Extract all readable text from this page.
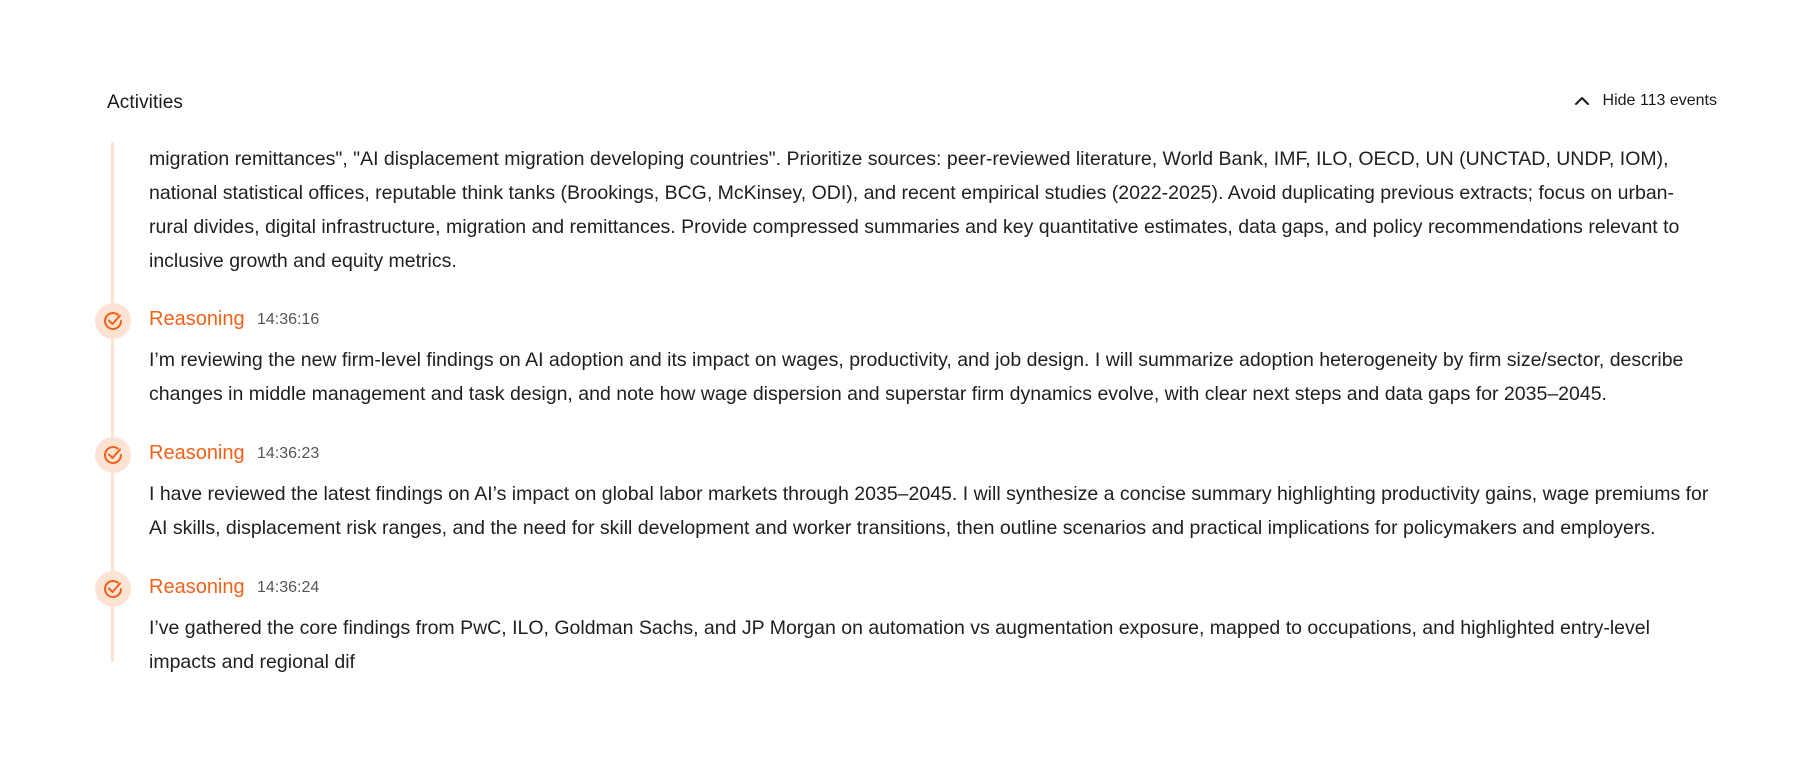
Activities	Hide 113 events
migration remittances", "AI displacement migration developing countries". Prioritize sources: peer-reviewed literature, World Bank, IMF, ILO, OECD, UN (UNCTAD, UNDP, IOM), national statistical offices, reputable think tanks (Brookings, BCG, McKinsey, ODI), and recent empirical studies (2022-2025). Avoid duplicating previous extracts; focus on urban-rural divides, digital infrastructure, migration and remittances. Provide compressed summaries and key quantitative estimates, data gaps, and policy recommendations relevant to inclusive growth and equity metrics.
Reasoning 14:36:16
I’m reviewing the new firm-level findings on AI adoption and its impact on wages, productivity, and job design. I will summarize adoption heterogeneity by firm size/sector, describe changes in middle management and task design, and note how wage dispersion and superstar firm dynamics evolve, with clear next steps and data gaps for 2035–2045.
Reasoning 14:36:23
I have reviewed the latest findings on AI’s impact on global labor markets through 2035–2045. I will synthesize a concise summary highlighting productivity gains, wage premiums for AI skills, displacement risk ranges, and the need for skill development and worker transitions, then outline scenarios and practical implications for policymakers and employers.
Reasoning 14:36:24
I’ve gathered the core findings from PwC, ILO, Goldman Sachs, and JP Morgan on automation vs augmentation exposure, mapped to occupations, and highlighted entry-level impacts and regional dif
